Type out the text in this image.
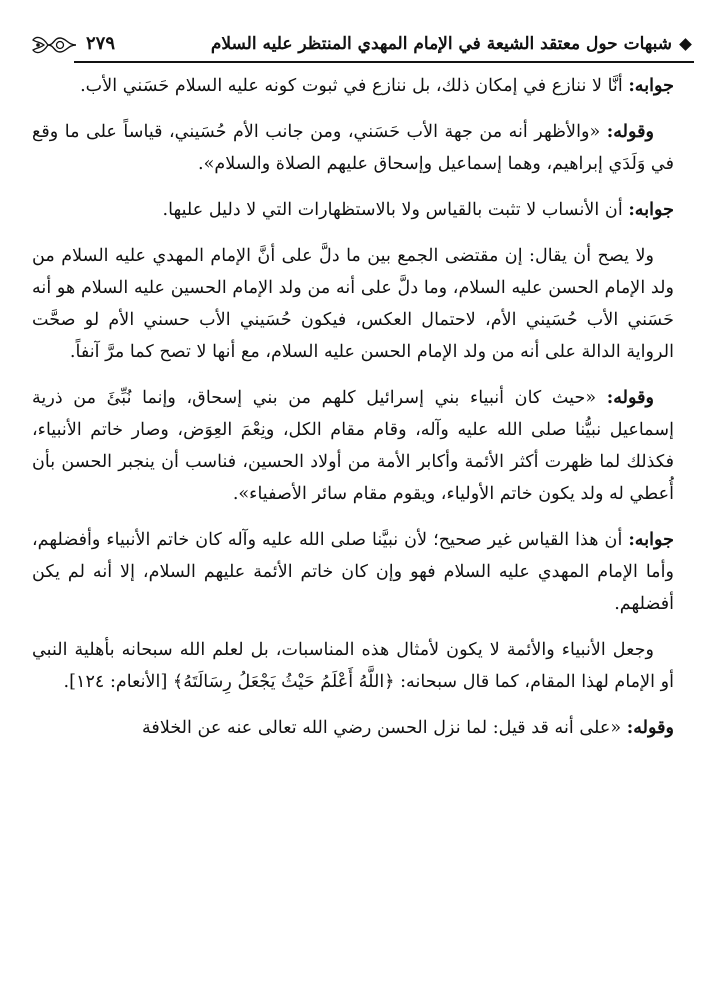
شبهات حول معتقد الشيعة في الإمام المهدي المنتظر عليه السلام
٢٧٩

جوابه: أنَّا لا ننازع في إمكان ذلك، بل ننازع في ثبوت كونه عليه السلام حَسَني الأب.

وقوله: «والأظهر أنه من جهة الأب حَسَني، ومن جانب الأم حُسَيني، قياساً على ما وقع في وَلَدَي إبراهيم، وهما إسماعيل وإسحاق عليهم الصلاة والسلام».

جوابه: أن الأنساب لا تثبت بالقياس ولا بالاستظهارات التي لا دليل عليها.

ولا يصح أن يقال: إن مقتضى الجمع بين ما دلَّ على أنَّ الإمام المهدي عليه السلام من ولد الإمام الحسن عليه السلام، وما دلَّ على أنه من ولد الإمام الحسين عليه السلام هو أنه حَسَني الأب حُسَيني الأم، لاحتمال العكس، فيكون حُسَيني الأب حسني الأم لو صحَّت الرواية الدالة على أنه من ولد الإمام الحسن عليه السلام، مع أنها لا تصح كما مرَّ آنفاً.

وقوله: «حيث كان أنبياء بني إسرائيل كلهم من بني إسحاق، وإنما نُبِّئَ من ذرية إسماعيل نبيُّنا صلى الله عليه وآله، وقام مقام الكل، ونِعْمَ العِوَض، وصار خاتم الأنبياء، فكذلك لما ظهرت أكثر الأئمة وأكابر الأمة من أولاد الحسين، فناسب أن ينجبر الحسن بأن أُعطي له ولد يكون خاتم الأولياء، ويقوم مقام سائر الأصفياء».

جوابه: أن هذا القياس غير صحيح؛ لأن نبيَّنا صلى الله عليه وآله كان خاتم الأنبياء وأفضلهم، وأما الإمام المهدي عليه السلام فهو وإن كان خاتم الأئمة عليهم السلام، إلا أنه لم يكن أفضلهم.

وجعل الأنبياء والأئمة لا يكون لأمثال هذه المناسبات، بل لعلم الله سبحانه بأهلية النبي أو الإمام لهذا المقام، كما قال سبحانه: ﴿اللَّهُ أَعْلَمُ حَيْثُ يَجْعَلُ رِسَالَتَهُ﴾ [الأنعام: ١٢٤].

وقوله: «على أنه قد قيل: لما نزل الحسن رضي الله تعالى عنه عن الخلافة
